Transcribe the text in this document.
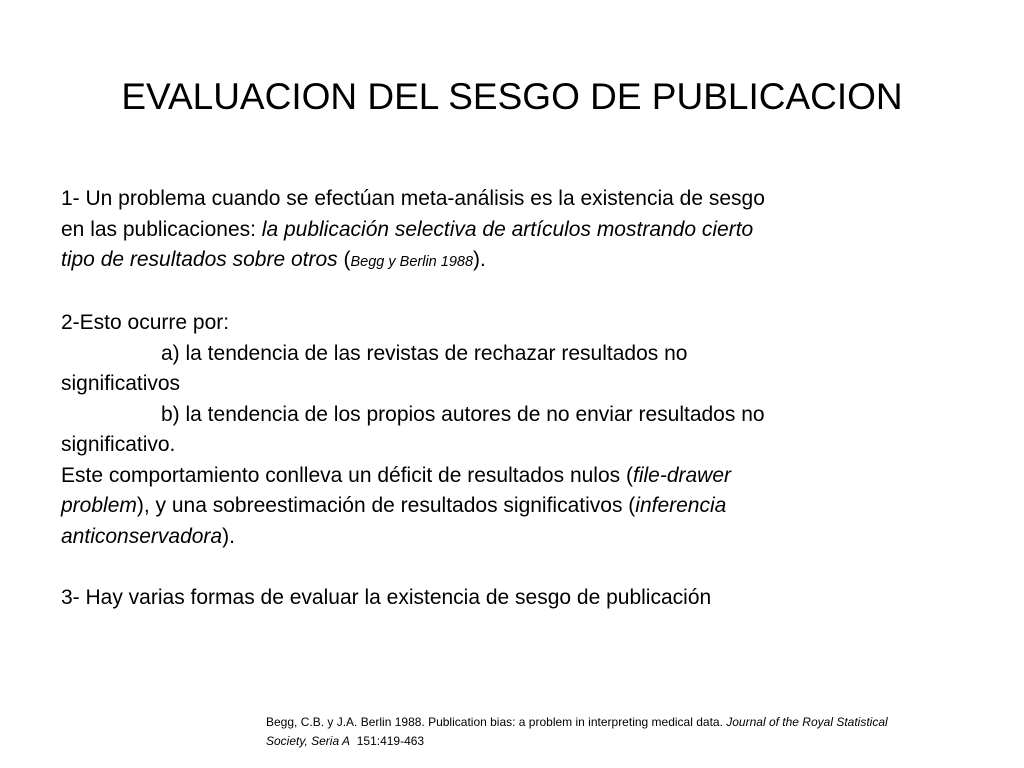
EVALUACION DEL SESGO DE PUBLICACION
1- Un problema cuando se efectúan meta-análisis es la existencia de sesgo
en las publicaciones: la publicación selectiva de artículos mostrando cierto
tipo de resultados sobre otros (Begg y Berlin 1988).
2-Esto ocurre por:
a) la tendencia de las revistas de rechazar resultados no
significativos
b) la tendencia de los propios autores de no enviar resultados no
significativo.
Este comportamiento conlleva un déficit de resultados nulos (file-drawer
problem), y una sobreestimación de resultados significativos (inferencia
anticonservadora).
3- Hay varias formas de evaluar la existencia de sesgo de publicación
Begg, C.B. y J.A. Berlin 1988. Publication bias: a problem in interpreting medical data. Journal of the Royal Statistical
Society, Seria A  151:419-463
